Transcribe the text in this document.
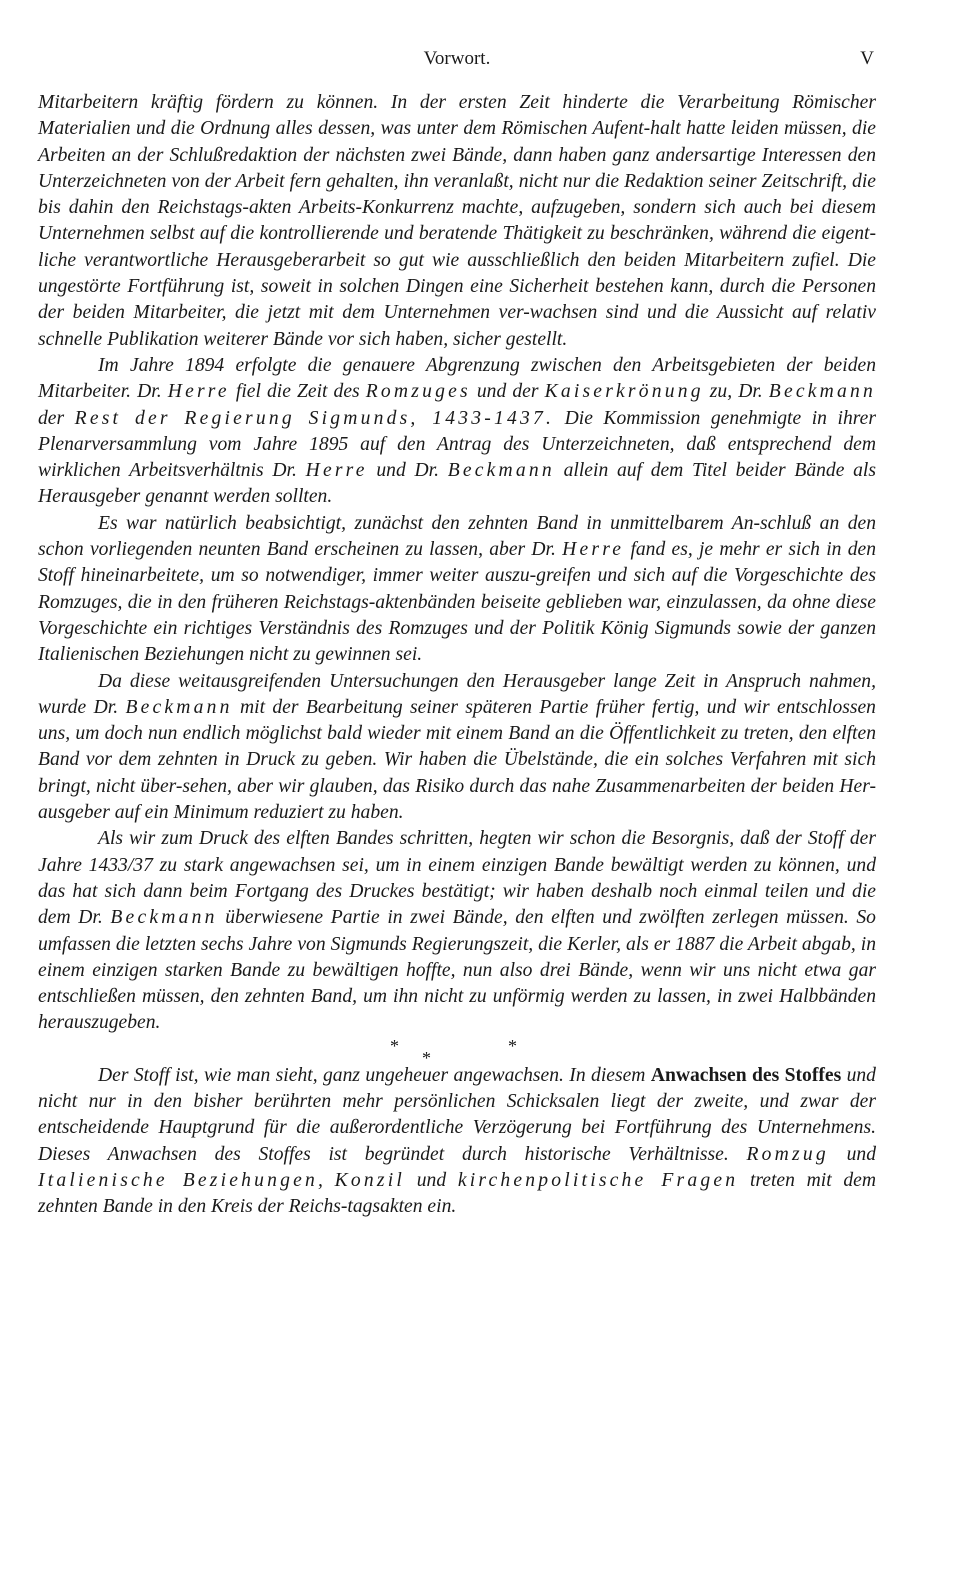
Vorwort.	V

Mitarbeitern kräftig fördern zu können. In der ersten Zeit hinderte die Verarbeitung Römischer Materialien und die Ordnung alles dessen, was unter dem Römischen Aufent-halt hatte leiden müssen, die Arbeiten an der Schlußredaktion der nächsten zwei Bände, dann haben ganz andersartige Interessen den Unterzeichneten von der Arbeit fern gehalten, ihn veranlaßt, nicht nur die Redaktion seiner Zeitschrift, die bis dahin den Reichstags-akten Arbeits-Konkurrenz machte, aufzugeben, sondern sich auch bei diesem Unternehmen selbst auf die kontrollierende und beratende Thätigkeit zu beschränken, während die eigent-liche verantwortliche Herausgeberarbeit so gut wie ausschließlich den beiden Mitarbeitern zufiel. Die ungestörte Fortführung ist, soweit in solchen Dingen eine Sicherheit bestehen kann, durch die Personen der beiden Mitarbeiter, die jetzt mit dem Unternehmen ver-wachsen sind und die Aussicht auf relativ schnelle Publikation weiterer Bände vor sich haben, sicher gestellt.

Im Jahre 1894 erfolgte die genauere Abgrenzung zwischen den Arbeitsgebieten der beiden Mitarbeiter. Dr. Herre fiel die Zeit des Romzuges und der Kaiserkrönung zu, Dr. Beckmann der Rest der Regierung Sigmunds, 1433-1437. Die Kommission genehmigte in ihrer Plenarversammlung vom Jahre 1895 auf den Antrag des Unterzeichneten, daß entsprechend dem wirklichen Arbeitsverhältnis Dr. Herre und Dr. Beckmann allein auf dem Titel beider Bände als Herausgeber genannt werden sollten.

Es war natürlich beabsichtigt, zunächst den zehnten Band in unmittelbarem An-schluß an den schon vorliegenden neunten Band erscheinen zu lassen, aber Dr. Herre fand es, je mehr er sich in den Stoff hineinarbeitete, um so notwendiger, immer weiter auszu-greifen und sich auf die Vorgeschichte des Romzuges, die in den früheren Reichstags-aktenbänden beiseite geblieben war, einzulassen, da ohne diese Vorgeschichte ein richtiges Verständnis des Romzuges und der Politik König Sigmunds sowie der ganzen Italienischen Beziehungen nicht zu gewinnen sei.

Da diese weitausgreifenden Untersuchungen den Herausgeber lange Zeit in Anspruch nahmen, wurde Dr. Beckmann mit der Bearbeitung seiner späteren Partie früher fertig, und wir entschlossen uns, um doch nun endlich möglichst bald wieder mit einem Band an die Öffentlichkeit zu treten, den elften Band vor dem zehnten in Druck zu geben. Wir haben die Übelstände, die ein solches Verfahren mit sich bringt, nicht über-sehen, aber wir glauben, das Risiko durch das nahe Zusammenarbeiten der beiden Her-ausgeber auf ein Minimum reduziert zu haben.

Als wir zum Druck des elften Bandes schritten, hegten wir schon die Besorgnis, daß der Stoff der Jahre 1433/37 zu stark angewachsen sei, um in einem einzigen Bande bewältigt werden zu können, und das hat sich dann beim Fortgang des Druckes bestätigt; wir haben deshalb noch einmal teilen und die dem Dr. Beckmann überwiesene Partie in zwei Bände, den elften und zwölften zerlegen müssen. So umfassen die letzten sechs Jahre von Sigmunds Regierungszeit, die Kerler, als er 1887 die Arbeit abgab, in einem einzigen starken Bande zu bewältigen hoffte, nun also drei Bände, wenn wir uns nicht etwa gar entschließen müssen, den zehnten Band, um ihn nicht zu unförmig werden zu lassen, in zwei Halbbänden herauszugeben.

*
*
*

Der Stoff ist, wie man sieht, ganz ungeheuer angewachsen. In diesem Anwachsen des Stoffes und nicht nur in den bisher berührten mehr persönlichen Schicksalen liegt der zweite, und zwar der entscheidende Hauptgrund für die außerordentliche Verzögerung bei Fortführung des Unternehmens. Dieses Anwachsen des Stoffes ist begründet durch historische Verhältnisse. Romzug und Italienische Beziehungen, Konzil und kirchenpolitische Fragen treten mit dem zehnten Bande in den Kreis der Reichs-tagsakten ein.
